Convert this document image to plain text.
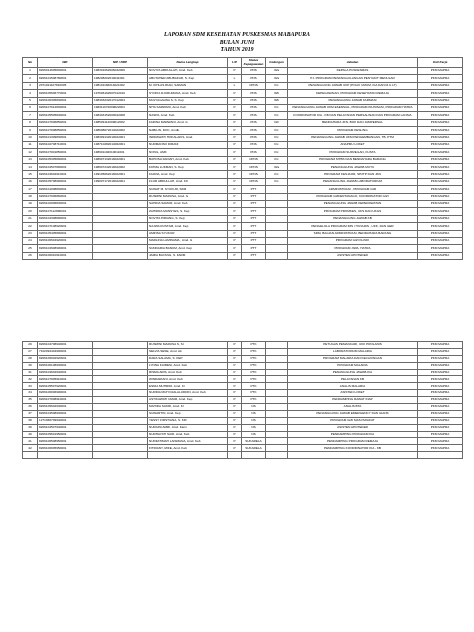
LAPORAN SDM KESEHATAN PUSKESMAS MABAPURA
BULAN JUNI
TAHUN 2019
No	NIK	NIP / NRP	Nama Lengkap	L/P	Status Kepegawaian	Golongan	Jabatan	Unit Kerja
1	8206014605830001	198301062006042006	NOVIYA ABDULLAH, Amd. Keb	P	PNS	III/a	KEPALA PUSKESMAS	PKM MAPRA
2	8206101508780001	198208202010011001	ABUTAHER ABUBAKAR, S. Kep	L	PNS	III/a	PJ. PROGRAM PENANGGULANGAN PENYAKIT MENULAR	PKM MAPRA
3	2071021107810005	198101182014021002	M. IKHLAS RIAD, SAIMAN	L	CPNS	II/c	PENANGGUNG JAWAB UKP (POLIK UMUM, KIA DAN M.U.LT)	PKM MAPRA
4	8206105606770001	197606192007012010	SYOFIA DJURUMANA, Amd. Keb	P	PNS	III/b	KEPEGAWAIAN, PROGRAM KESEHATAN REMAJA	PKM MAPRA
5	8206106305830001	198303232017012004	MULYAGALWA S, S. Kep	P	PNS	III/b	PENANGGUNG JAWAB FARMASI	PKM MAPRA
6	8206107012830001	198311072009022004	NITA SARWANI, Amd. Keb	P	PNS	II/c	PENANGGUNG JAWAB UKM ESENSIAL, PROGRAM INUNISASI, PROGRAM HATRA	PKM MAPRA
7	8206105505840001	198403152009042008	NASPA, Amd. Keb	P	PNS	II/c	KOORDINATOR KIA - KB DAN PELAYANAN PERSALINAN DAN PROGRAM LANSIA	PKM MAPRA
8	8206107006850001	198509112009012002	FADINA MARWANI, Amd. G	P	PNS	III/c	BENDAHARA JKN, BOK DAN JAMPERSAL	PKM MAPRA
9	8206107008850001	198608072014022002	NABILIN, DOC, Amdk.	P	PNS	II/c	PROGRAM KESLING	PKM MAPRA
10	8206101309830001	198309132010022001	INDRAWATI HOKALAKIS, Amd.	P	PNS	II/c	PENANGGUNG JAWAB UKM PENGEMBANGAN, TB, PTM	PKM MAPRA
11	8206102708710001	198710282014062001	NURMANSO DIRANI	P	PNS	II/c	ANAPMU LOKET	PKM MAPRA
12	8206107001850001	198901102010011001	NONIL, AMK	P	PNS	II/c	PROGRAM SURVEILAN, KUSTA	PKM MAPRA
13	8206105305890001	198907132019022001	BAHOSA FADIAH, Amd. Keb	P	CPNS	II/c	PROGRAM MTBS DAN BENDAHARA BARANG	PKM MAPRA
14	8206104507890001	198907242019022002	FATMA LUKMAN, S. Kep	P	CPNS	III/a	PENANGGUNG JAWAB MUTU	PKM MAPRA
15	8206104602910001	199105062019022001	FAJRIA, Amd. Kep	P	CPNS	II/c	PROGRAM KESJAOR, SP2TP DAN JKN	PKM MAPRA
16	8206105708900001	199007172019022001	FLOR ABDULLAH, Amd. KK	P	CPNS	II/c	PENANGGUNG JAWAB LABORATORIUM	PKM MAPRA
17	8206101008830001		SUWAT M. SYUKUR, SKM	P	PTT		ADMINISTRASI , PROGRAM GIZI	PKM MAPRA
18	8206107006860001		RUSMINI MARUSA, Amd. G	P	PTT		PROGRAM GIZI/ENTANAGO, KOORDINATOR GIZI	PKM MAPRA
19	8206102006840001		SAHIDA SAMUR, Amd. Keb	P	PTT		PENANGGUNG JAWAB KEPERAWATAN	PKM MAPRA
20	8206107112890001		ZAHIDRA MANSYES, S. Kep	P	PTT		PROGRAM PROMKES, UKS DAN UKGS	PKM MAPRA
21	8206104308890001		NOVITA PIRIANG, S. Kep	P	PTT		PENANGGUNG JAWAB KB	PKM MAPRA
22	8206107108920001		NAJWA RUSTAM, Amd. Kep	P	PTT		PENGELOLA PROGRAM IMS / HIV/AIDS , UKK, DAN GER	PKM MAPRA
23	8206105405890001		AMINSA SYUKUR	P	PTT		SDM, BAGIAN ADMINISTRASI, BENDAHARA BARANG	PKM MAPRA
24	8206106604920001		MARLINA LAMINAMA , Amd. G	P	PTT		PROGRAM GIZI KLINIK	PKM MAPRA
25	8206104608900001		SUNDARIA BANUM, Amd. Kep	P	PTT		PROGRAM JIWA, HATRA	PKM MAPRA
26	8206106010910001		JAMIA BAYANG, S. FARM	P	PTT		ASISTEN APOTEKER	PKM MAPRA
29	8206104708940001		RUSMINI MARUSA S, SI	P	PTK		PETUGAS PEMANCARI, UKK PROLANIS	PKM MAPRA
27	7102094404900001		SELVIA SESE, Amd. Ak	P	PTK		LABORATORIUM MALARIA	PKM MAPRA
28	8206105002920001		DARA SALAMA, S. KEP	P	PTK		PROGRAM MALARIA DAN KECACINGAN	PKM MAPRA
30	8206106108930001		LYNNA KAIRESI, Amd. Keb	P	PTK		PROGRAM MALARIA	PKM MAPRA
31	8206104602940001		RISMA ARIS, Amd. Keb	P	PTK		PENANGGUNG JAWAB KIA	PKM MAPRA
32	8206107005910001		WINDARIANI, Amd. Keb	P	PTK		PELAYANAN KB	PKM MAPRA
33	8206105507920001		ESNIA MUHRIDI, Amd. Kl	P	PTK		ANALIS MALARIA	PKM MAPRA
34	8206106006900001		NURDIA MUH DJALALUDDIN, Amd. Keb	P	PTK		ASISTEN LOKET	PKM MAPRA
35	8206107008910001		ASTIKAWATI UMAR, Amd. Kep	P	PTK		PENDAMPING RAWAT INAP	PKM MAPRA
36	8206105602930001		MAHIDA SUKRI, Amd. Kl	P	NS		ANALIS BTA	PKM MAPRA
37	8206104508930001		SUWARTIN, Amd. Kep	P	NS		PENANGGUNG JAWAB EMERGENCY DAN GIANS	PKM MAPRA
38	1271066709940001		YESSY FIRSTIANA, S. KM	P	NS		PROGRAM GIZI MASYARAKAT	PKM MAPRA
39	8206104507940001		NURAINI AMRI, Amd. Farm	P	NS		ASISTEN APOTEKER	PKM MAPRA
40	8206105601950001		NURHAYATI SAID, Amd. Keb	P	NS		PENDAMPING PROGRAM KIA	PKM MAPRA
41	8206106508950001		NURFATIMAH LAISMANA, Amd. Keb	P	SUKARELA		PENDAMPING PROGRAM REMAJA	PKM MAPRA
42	8206106905950001		FITRIANY, MIFE, Amd. Keb	P	SUKARELA		PENDAMPING KOORDINATOR KIA - KB	PKM MAPRA
